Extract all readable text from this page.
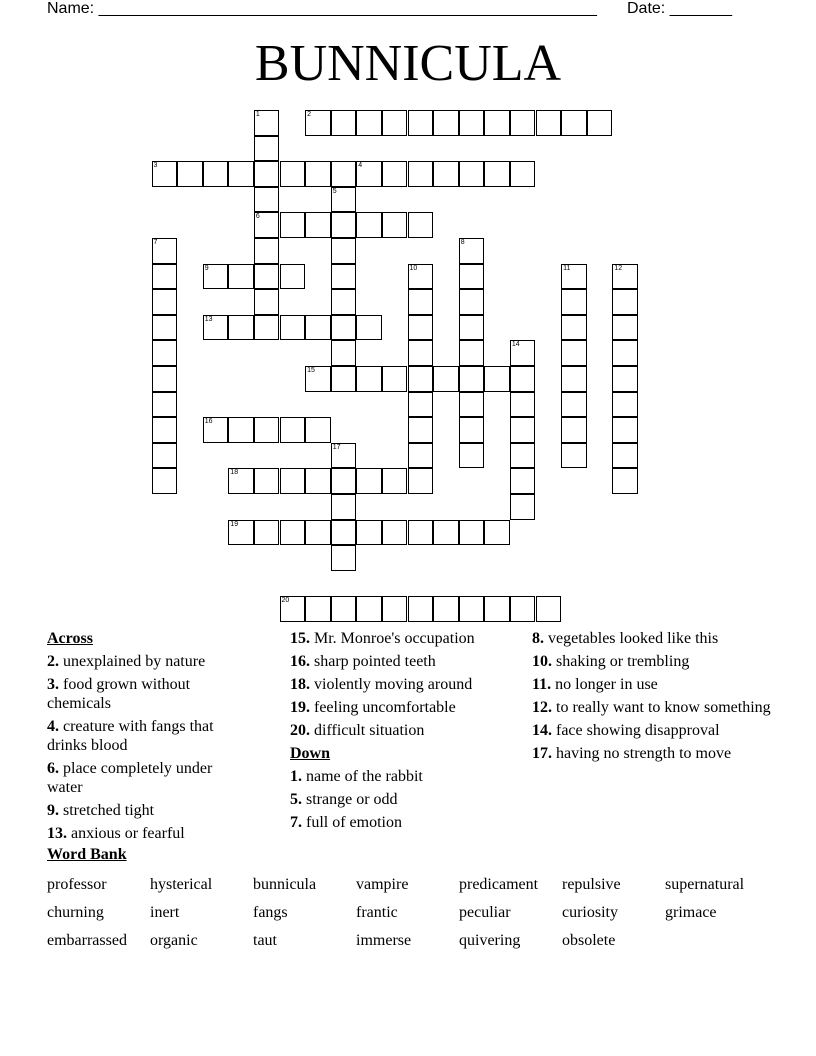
Name: ________________________________________________________ Date: _______
BUNNICULA
1
6
2
3	4
5
7	8
9	10	11	12
13
14
15
16
17
18
19
20
Across
2. unexplained by nature
3. food grown without chemicals
4. creature with fangs that drinks blood
6. place completely under water
9. stretched tight
13. anxious or fearful
15. Mr. Monroe's occupation
16. sharp pointed teeth
18. violently moving around
19. feeling uncomfortable
20. difficult situation
Down
1. name of the rabbit
5. strange or odd
7. full of emotion
8. vegetables looked like this
10. shaking or trembling
11. no longer in use
12. to really want to know something
14. face showing disapproval
17. having no strength to move
Word Bank
professor	hysterical	bunnicula	vampire	predicament	repulsive	supernatural
churning	inert	fangs	frantic	peculiar	curiosity	grimace
embarrassed	organic	taut	immerse	quivering	obsolete
